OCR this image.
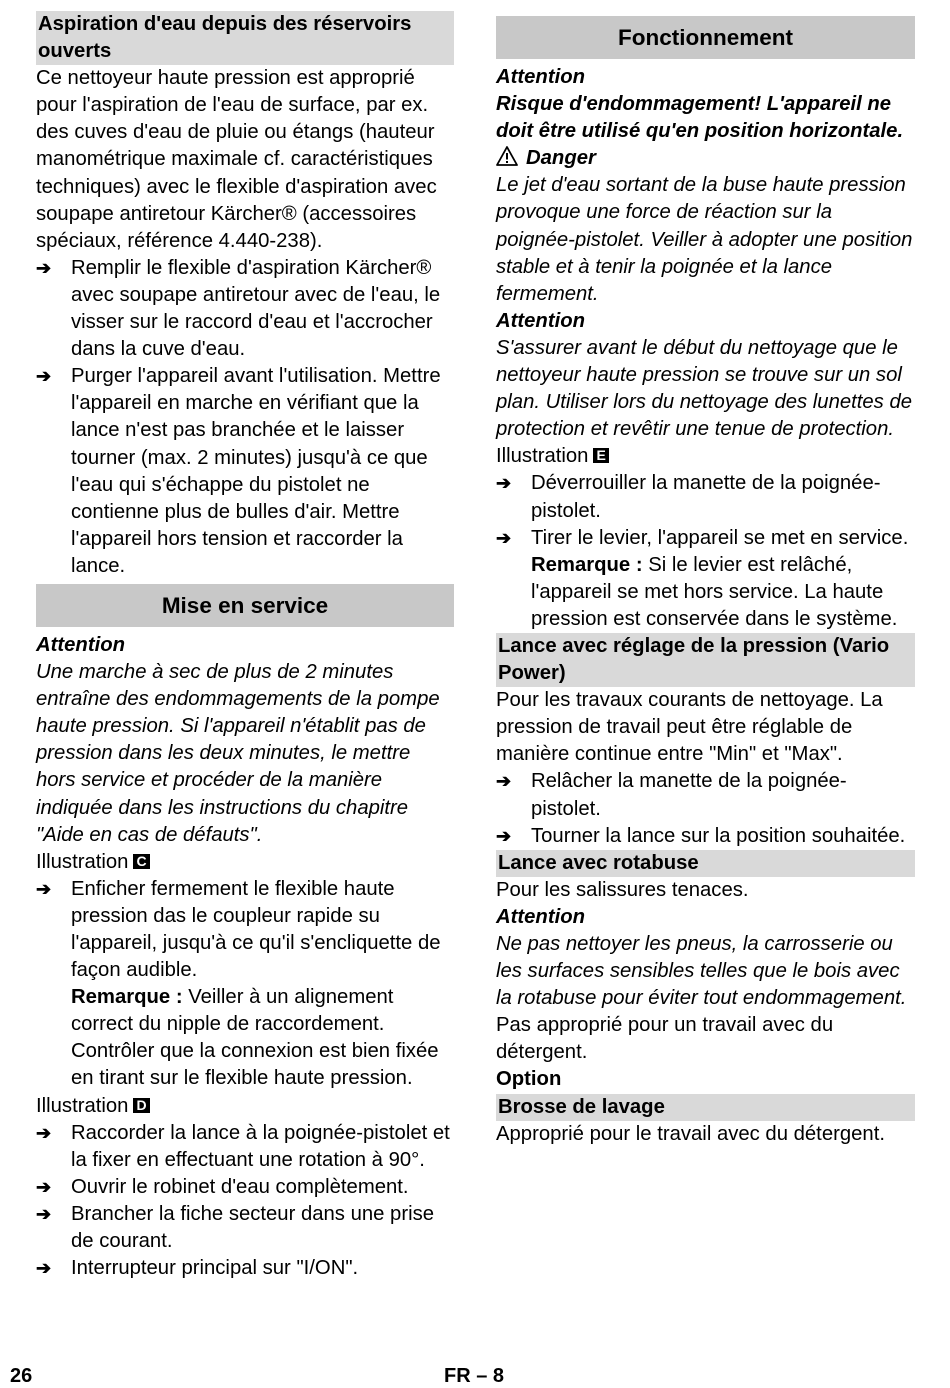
Aspiration d'eau depuis des réservoirs ouverts

Ce nettoyeur haute pression est approprié pour l'aspiration de l'eau de surface, par ex. des cuves d'eau de pluie ou étangs (hauteur manométrique maximale cf. caractéristiques techniques) avec le flexible d'aspiration avec soupape antiretour Kärcher® (accessoires spéciaux, référence 4.440-238).

➔ Remplir le flexible d'aspiration Kärcher® avec soupape antiretour avec de l'eau, le visser sur le raccord d'eau et l'accrocher dans la cuve d'eau.
➔ Purger l'appareil avant l'utilisation. Mettre l'appareil en marche en vérifiant que la lance n'est pas branchée et le laisser tourner (max. 2 minutes) jusqu'à ce que l'eau qui s'échappe du pistolet ne contienne plus de bulles d'air. Mettre l'appareil hors tension et raccorder la lance.
Mise en service

Attention

Une marche à sec de plus de 2 minutes entraîne des endommagements de la pompe haute pression. Si l'appareil n'établit pas de pression dans les deux minutes, le mettre hors service et procéder de la manière indiquée dans les instructions du chapitre "Aide en cas de défauts".

Illustration C

➔ Enficher fermement le flexible haute pression das le coupleur rapide su l'appareil, jusqu'à ce qu'il s'encliquette de façon audible.

Remarque : Veiller à un alignement correct du nipple de raccordement. Contrôler que la connexion est bien fixée en tirant sur le flexible haute pression.

Illustration D

➔ Raccorder la lance à la poignée-pistolet et la fixer en effectuant une rotation à 90°.
➔ Ouvrir le robinet d'eau complètement.
➔ Brancher la fiche secteur dans une prise de courant.
➔ Interrupteur principal sur "I/ON".
Fonctionnement

Attention

Risque d'endommagement! L'appareil ne doit être utilisé qu'en position horizontale.

Danger

Le jet d'eau sortant de la buse haute pression provoque une force de réaction sur la poignée-pistolet. Veiller à adopter une position stable et à tenir la poignée et la lance fermement.

Attention

S'assurer avant le début du nettoyage que le nettoyeur haute pression se trouve sur un sol plan. Utiliser lors du nettoyage des lunettes de protection et revêtir une tenue de protection.

Illustration E

➔ Déverrouiller la manette de la poignée-pistolet.
➔ Tirer le levier, l'appareil se met en service.

Remarque : Si le levier est relâché, l'appareil se met hors service. La haute pression est conservée dans le système.

Lance avec réglage de la pression (Vario Power)

Pour les travaux courants de nettoyage. La pression de travail peut être réglable de manière continue entre "Min" et "Max".

➔ Relâcher la manette de la poignée-pistolet.
➔ Tourner la lance sur la position souhaitée.
Lance avec rotabuse

Pour les salissures tenaces.

Attention

Ne pas nettoyer les pneus, la carrosserie ou les surfaces sensibles telles que le bois avec la rotabuse pour éviter tout endommagement.

Pas approprié pour un travail avec du détergent.

Option

Brosse de lavage

Approprié pour le travail avec du détergent.

26	FR – 8
